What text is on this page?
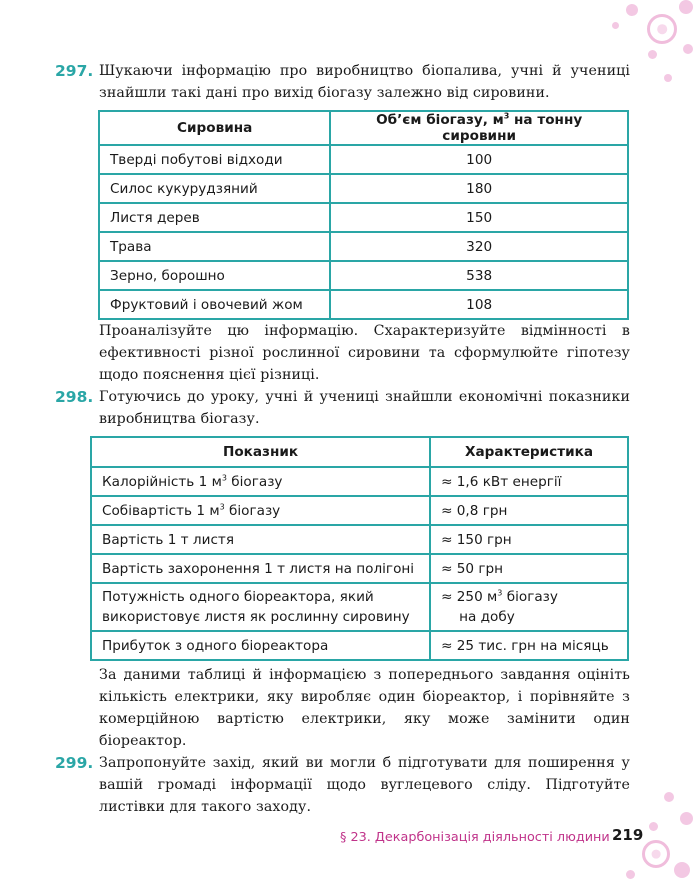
297. Шукаючи інформацію про виробництво біопалива, учні й учениці знайшли такі дані про вихід біогазу залежно від сировини.
Сировина	Об’єм біогазу, $м^3$ на тонну сировини
Тверді побутові відходи	100
Силос кукурудзяний	180
Листя дерев	150
Трава	320
Зерно, борошно	538
Фруктовий і овочевий жом	108
Проаналізуйте цю інформацію. Схарактеризуйте відмінності в ефективності різної рослинної сировини та сформулюйте гіпотезу щодо пояснення цієї різниці.
298. Готуючись до уроку, учні й учениці знайшли економічні показники виробництва біогазу.
Показник	Характеристика
Калорійність 1 $м^3$ біогазу	≈ 1,6 кВт енергії
Собівартість 1 $м^3$ біогазу	≈ 0,8 грн
Вартість 1 т листя	≈ 150 грн
Вартість захоронення 1 т листя на полігоні	≈ 50 грн
Потужність одного біореактора, який
використовує листя як рослинну сировину	≈ 250 $м^3$ біогазу
на добу
Прибуток з одного біореактора	≈ 25 тис. грн на місяць
За даними таблиці й інформацією з попереднього завдання оцініть кількість електрики, яку виробляє один біореактор, і порівняйте з комерційною вартістю електрики, яку може замінити один біореактор.
299. Запропонуйте захід, який ви могли б підготувати для поширення у вашій громаді інформації щодо вуглецевого сліду. Підготуйте листівки для такого заходу.
§ 23. Декарбонізація діяльності людини 219
